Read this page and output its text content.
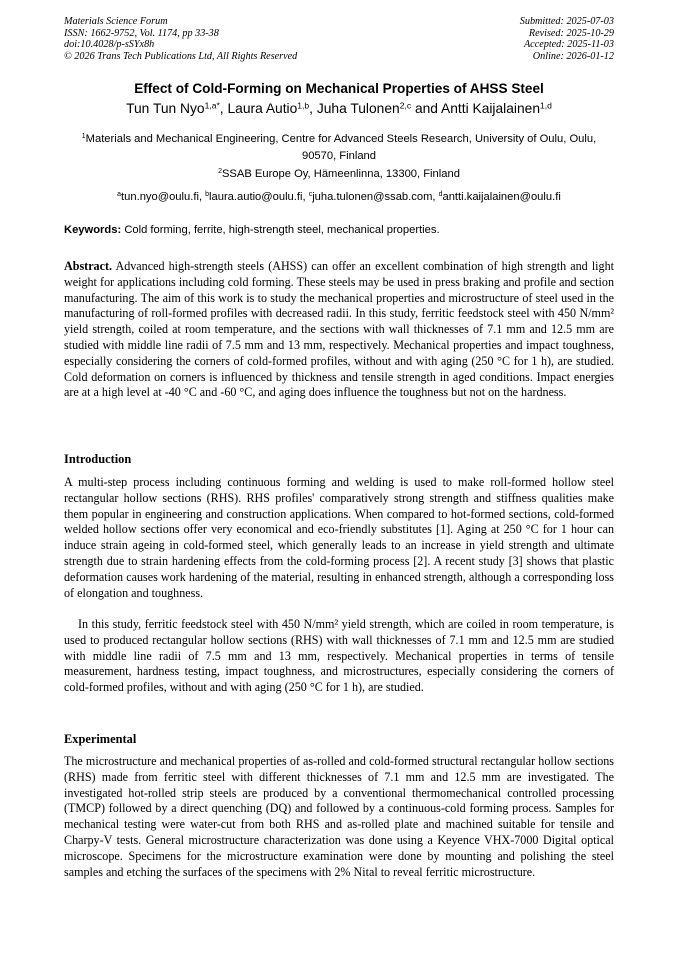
Materials Science Forum
ISSN: 1662-9752, Vol. 1174, pp 33-38
doi:10.4028/p-sSYx8h
© 2026 Trans Tech Publications Ltd, All Rights Reserved
Submitted: 2025-07-03
Revised: 2025-10-29
Accepted: 2025-11-03
Online: 2026-01-12
Effect of Cold-Forming on Mechanical Properties of AHSS Steel
Tun Tun Nyo$^{1,a*}$, Laura Autio$^{1,b}$, Juha Tulonen$^{2,c}$ and Antti Kaijalainen$^{1,d}$
$^1$Materials and Mechanical Engineering, Centre for Advanced Steels Research, University of Oulu, Oulu, 90570, Finland
$^2$SSAB Europe Oy, Hämeenlinna, 13300, Finland
$^a$tun.nyo@oulu.fi, $^b$laura.autio@oulu.fi, $^c$juha.tulonen@ssab.com, $^d$antti.kaijalainen@oulu.fi
Keywords: Cold forming, ferrite, high-strength steel, mechanical properties.

Abstract. Advanced high-strength steels (AHSS) can offer an excellent combination of high strength and light weight for applications including cold forming. These steels may be used in press braking and profile and section manufacturing. The aim of this work is to study the mechanical properties and microstructure of steel used in the manufacturing of roll-formed profiles with decreased radii. In this study, ferritic feedstock steel with 450 N/mm² yield strength, coiled at room temperature, and the sections with wall thicknesses of 7.1 mm and 12.5 mm are studied with middle line radii of 7.5 mm and 13 mm, respectively. Mechanical properties and impact toughness, especially considering the corners of cold-formed profiles, without and with aging (250 °C for 1 h), are studied. Cold deformation on corners is influenced by thickness and tensile strength in aged conditions. Impact energies are at a high level at -40 °C and -60 °C, and aging does influence the toughness but not on the hardness.

Introduction

A multi-step process including continuous forming and welding is used to make roll-formed hollow steel rectangular hollow sections (RHS). RHS profiles' comparatively strong strength and stiffness qualities make them popular in engineering and construction applications. When compared to hot-formed sections, cold-formed welded hollow sections offer very economical and eco-friendly substitutes [1]. Aging at 250 °C for 1 hour can induce strain ageing in cold-formed steel, which generally leads to an increase in yield strength and ultimate strength due to strain hardening effects from the cold-forming process [2]. A recent study [3] shows that plastic deformation causes work hardening of the material, resulting in enhanced strength, although a corresponding loss of elongation and toughness.

In this study, ferritic feedstock steel with 450 N/mm² yield strength, which are coiled in room temperature, is used to produced rectangular hollow sections (RHS) with wall thicknesses of 7.1 mm and 12.5 mm are studied with middle line radii of 7.5 mm and 13 mm, respectively. Mechanical properties in terms of tensile measurement, hardness testing, impact toughness, and microstructures, especially considering the corners of cold-formed profiles, without and with aging (250 °C for 1 h), are studied.

Experimental

The microstructure and mechanical properties of as-rolled and cold-formed structural rectangular hollow sections (RHS) made from ferritic steel with different thicknesses of 7.1 mm and 12.5 mm are investigated. The investigated hot-rolled strip steels are produced by a conventional thermomechanical controlled processing (TMCP) followed by a direct quenching (DQ) and followed by a continuous-cold forming process. Samples for mechanical testing were water-cut from both RHS and as-rolled plate and machined suitable for tensile and Charpy-V tests. General microstructure characterization was done using a Keyence VHX-7000 Digital optical microscope. Specimens for the microstructure examination were done by mounting and polishing the steel samples and etching the surfaces of the specimens with 2% Nital to reveal ferritic microstructure.
